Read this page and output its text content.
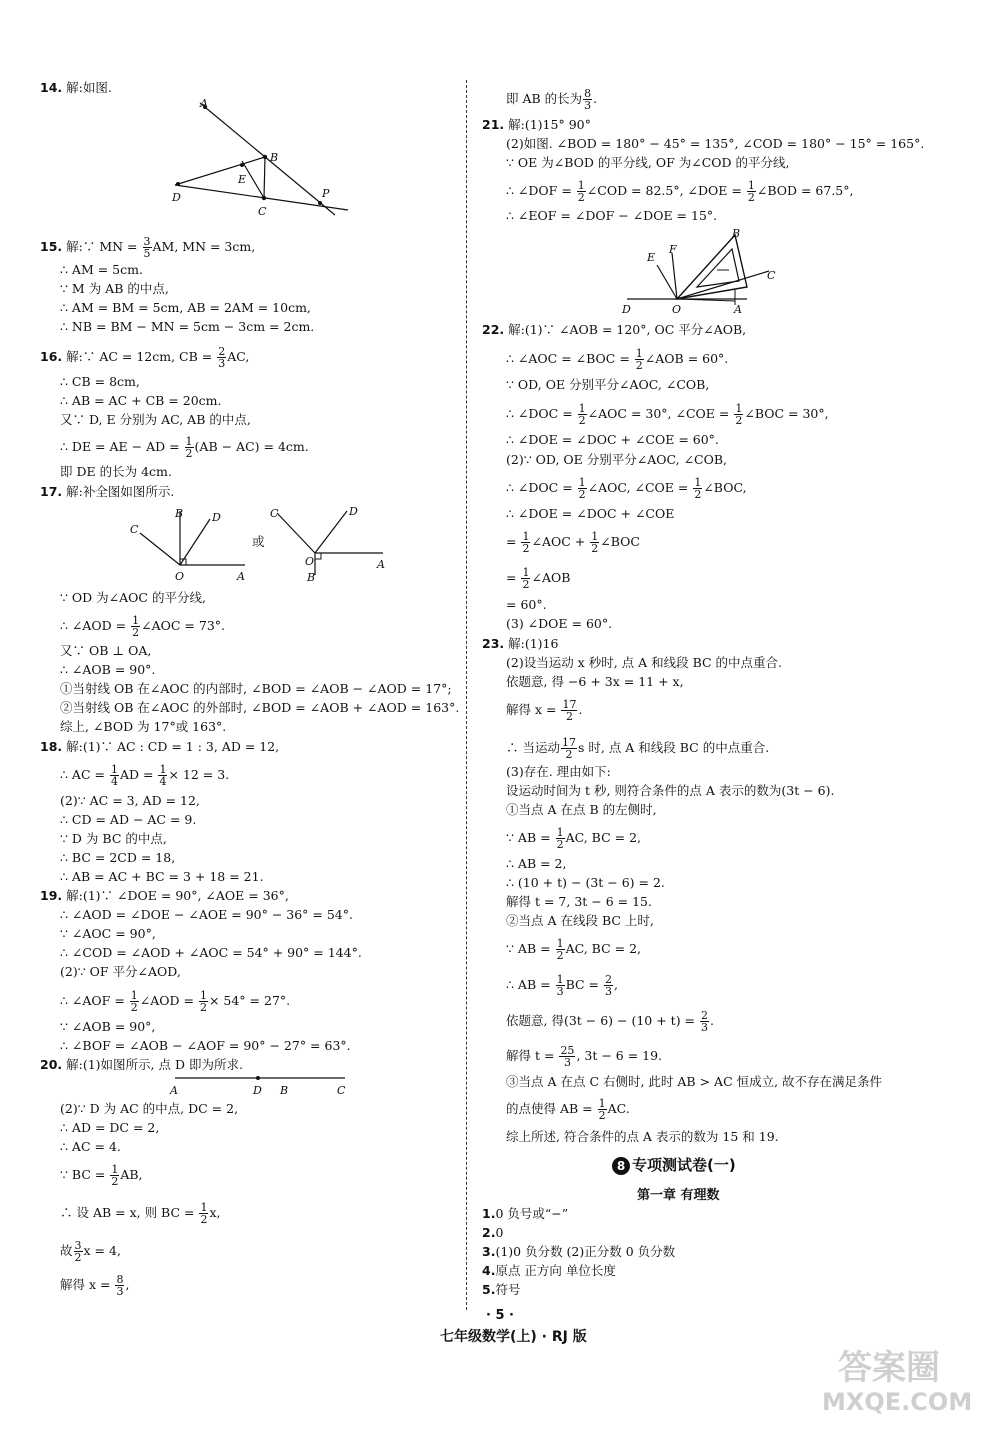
14. 解:如图.
A
B
E
D
C
P
15. 解:∵ MN = $\frac{3}{5}$ AM, MN = 3cm,
∴ AM = 5cm.
∵ M 为 AB 的中点,
∴ AM = BM = 5cm, AB = 2AM = 10cm,
∴ NB = BM − MN = 5cm − 3cm = 2cm.
16. 解:∵ AC = 12cm, CB = $\frac{2}{3}$ AC,
∴ CB = 8cm,
∴ AB = AC + CB = 20cm.
又∵ D, E 分别为 AC, AB 的中点,
∴ DE = AE − AD = $\frac{1}{2} (AB - AC) = 4cm$.
即 DE 的长为 4cm.
17. 解:补全图如图所示.
B
C
D
O	A
或
C	D
O
B
A
∵ OD 为∠AOC 的平分线,
∴ ∠AOD = $\frac{1}{2}$ ∠AOC = 73°.
又∵ OB ⊥ OA,
∴ ∠AOB = 90°.
①当射线 OB 在∠AOC 的内部时, ∠BOD = ∠AOB − ∠AOD = 17°;
②当射线 OB 在∠AOC 的外部时, ∠BOD = ∠AOB + ∠AOD = 163°.
综上, ∠BOD 为 17°或 163°.
18. 解:(1)∵ AC : CD = 1 : 3, AD = 12,
∴ AC = $\frac{1}{4}$ AD = $\frac{1}{4} \times 12 = 3$.
(2)∵ AC = 3, AD = 12,
∴ CD = AD − AC = 9.
∵ D 为 BC 的中点,
∴ BC = 2CD = 18,
∴ AB = AC + BC = 3 + 18 = 21.
19. 解:(1)∵ ∠DOE = 90°, ∠AOE = 36°,
∴ ∠AOD = ∠DOE − ∠AOE = 90° − 36° = 54°.
∵ ∠AOC = 90°,
∴ ∠COD = ∠AOD + ∠AOC = 54° + 90° = 144°.
(2)∵ OF 平分∠AOD,
∴ ∠AOF = $\frac{1}{2}$ ∠AOD = $\frac{1}{2} \times 54^\circ = 27^\circ$.
∵ ∠AOB = 90°,
∴ ∠BOF = ∠AOB − ∠AOF = 90° − 27° = 63°.
20. 解:(1)如图所示, 点 D 即为所求.
A	D B	C
(2)∵ D 为 AC 的中点, DC = 2,
∴ AD = DC = 2,
∴ AC = 4.
∵ BC = $\frac{1}{2}$ AB,
∴ 设 AB = x, 则 BC = $\frac{1}{2} x$,
故 $\frac{3}{2}$ x = 4,
解得 $x = \frac{8}{3}$ ,
即 AB 的长为 $\frac{8}{3}$ .
21. 解:(1)15° 90°
(2)如图. ∠BOD = 180° − 45° = 135°, ∠COD = 180° − 15° = 165°.
∵ OE 为∠BOD 的平分线, OF 为∠COD 的平分线,
∴ ∠DOF = $\frac{1}{2}$ ∠COD = 82.5°, ∠DOE = $\frac{1}{2}$ ∠BOD = 67.5°,
∴ ∠EOF = ∠DOF − ∠DOE = 15°.
B
E
F
C
D	O	A
22. 解:(1)∵ ∠AOB = 120°, OC 平分∠AOB,
∴ ∠AOC = ∠BOC = $\frac{1}{2}$ ∠AOB = 60°.
∵ OD, OE 分别平分∠AOC, ∠COB,
∴ ∠DOC = $\frac{1}{2}$ ∠AOC = 30°, ∠COE = $\frac{1}{2}$ ∠BOC = 30°,
∴ ∠DOE = ∠DOC + ∠COE = 60°.
(2)∵ OD, OE 分别平分∠AOC, ∠COB,
∴ ∠DOC = $\frac{1}{2}$ ∠AOC, ∠COE = $\frac{1}{2}$ ∠BOC,
∴ ∠DOE = ∠DOC + ∠COE
= $\frac{1}{2}$ ∠AOC + $\frac{1}{2}$ ∠BOC
= $\frac{1}{2}$ ∠AOB
= 60°.
(3) ∠DOE = 60°.
23. 解:(1)16
(2)设当运动 x 秒时, 点 A 和线段 BC 的中点重合.
依题意, 得 −6 + 3x = 11 + x,
解得 $x = \frac{17}{2}$ .
∴ 当运动 $\frac{17}{2}$ s 时, 点 A 和线段 BC 的中点重合.
(3)存在. 理由如下:
设运动时间为 t 秒, 则符合条件的点 A 表示的数为(3t − 6).
①当点 A 在点 B 的左侧时,
∵ AB = $\frac{1}{2}$ AC, BC = 2,
∴ AB = 2,
∴ (10 + t) − (3t − 6) = 2.
解得 t = 7, 3t − 6 = 15.
②当点 A 在线段 BC 上时,
∵ AB = $\frac{1}{2}$ AC, BC = 2,
∴ AB = $\frac{1}{3}$ BC = $\frac{2}{3}$ ,
依题意, 得$(3t - 6) - (10 + t) = \frac{2}{3}$ .
解得 $t = \frac{25}{3}$ , 3t − 6 = 19.
③当点 A 在点 C 右侧时, 此时 AB > AC 恒成立, 故不存在满足条件
的点使得 AB = $\frac{1}{2}$ AC.
综上所述, 符合条件的点 A 表示的数为 15 和 19.
8 专项测试卷(一)
第一章 有理数
1.0 负号或“−”
2.0
3.(1)0 负分数 (2)正分数 0 负分数
4.原点 正方向 单位长度
5.符号
· 5 ·
七年级数学(上) · RJ 版
答案圈
MXQE.COM
